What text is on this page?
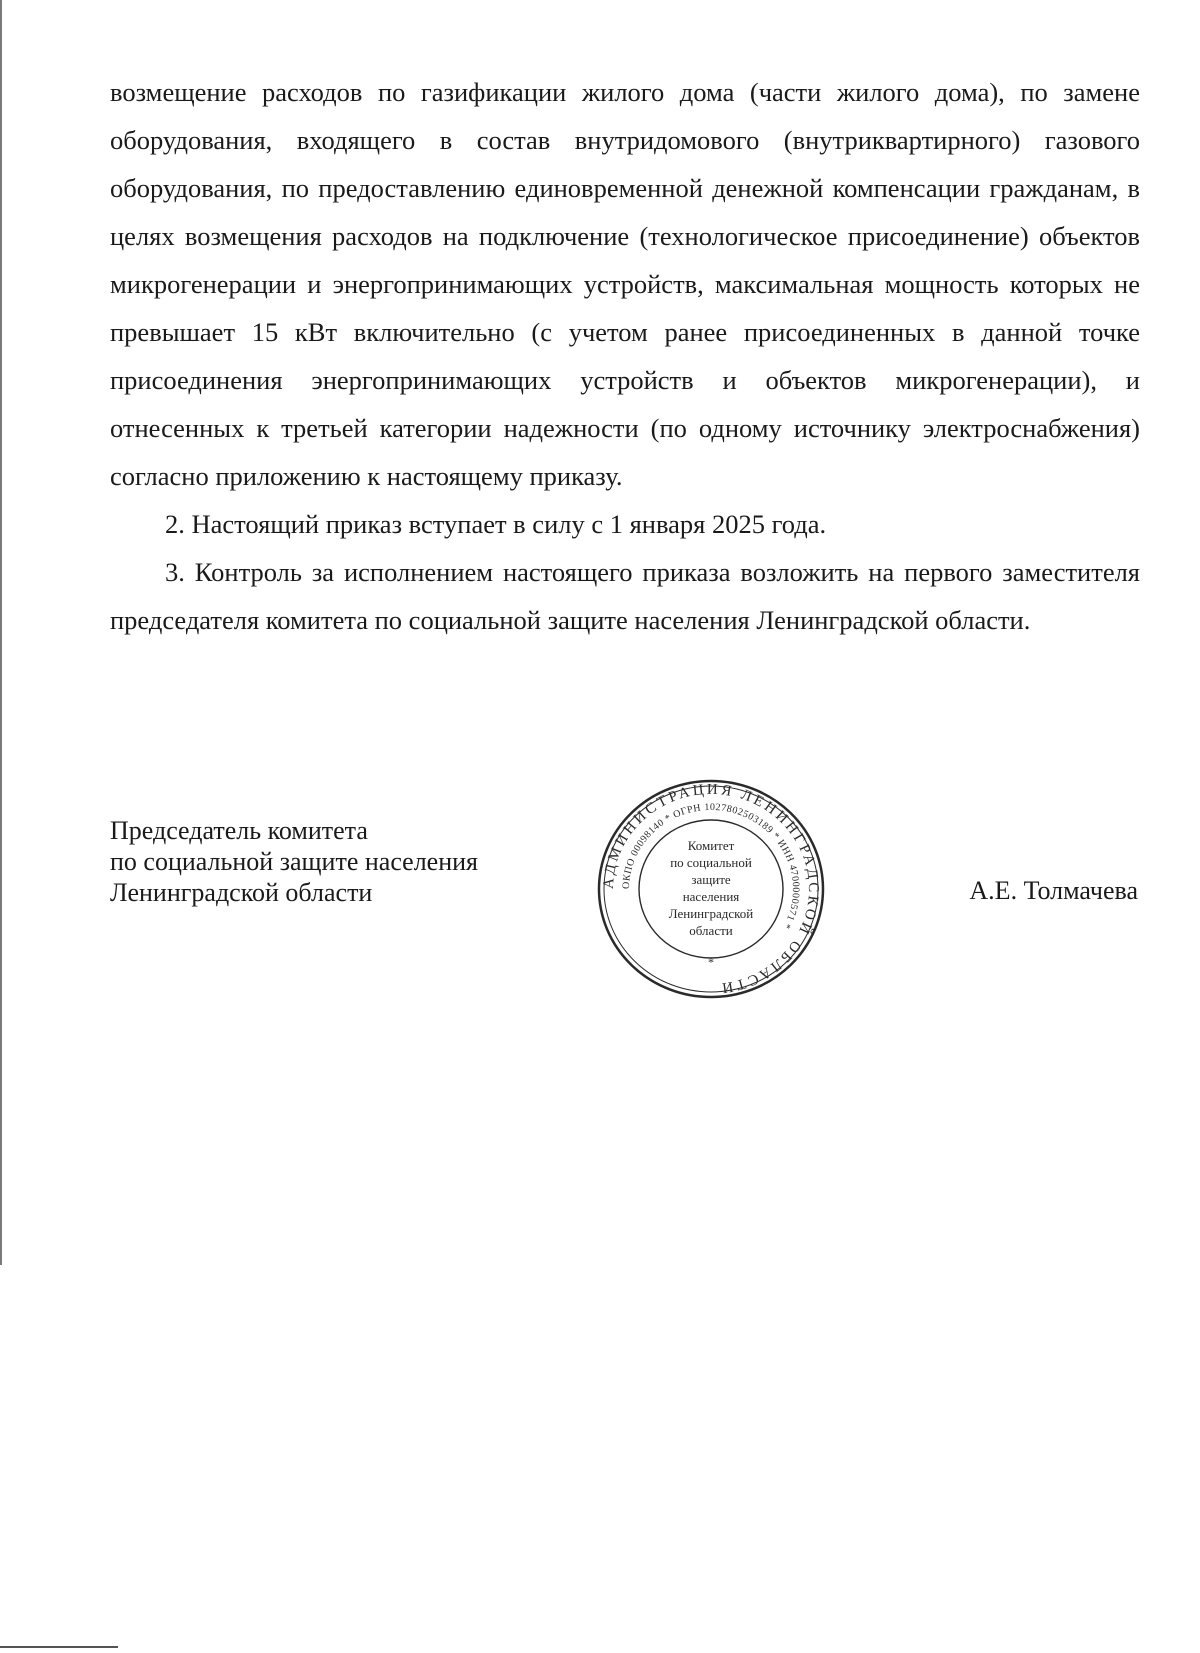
возмещение расходов по газификации жилого дома (части жилого дома), по замене оборудования, входящего в состав внутридомового (внутриквартирного) газового оборудования, по предоставлению единовременной денежной компенсации гражданам, в целях возмещения расходов на подключение (технологическое присоединение) объектов микрогенерации и энергопринимающих устройств, максимальная мощность которых не превышает 15 кВт включительно (с учетом ранее присоединенных в данной точке присоединения энергопринимающих устройств и объектов микрогенерации), и отнесенных к третьей категории надежности (по одному источнику электроснабжения) согласно приложению к настоящему приказу.

2. Настоящий приказ вступает в силу с 1 января 2025 года.

3. Контроль за исполнением настоящего приказа возложить на первого заместителя председателя комитета по социальной защите населения Ленинградской области.

Председатель комитета
по социальной защите населения
Ленинградской области	АДМИНИСТРАЦИЯ ЛЕНИНГРАДСКОЙ ОБЛАСТИ
ОКПО 00098140 * ОГРН 1027802503189 * ИНН 4700000571 *
Комитет
по социальной
защите
населения
Ленинградской
области
*
А.Е. Толмачева
